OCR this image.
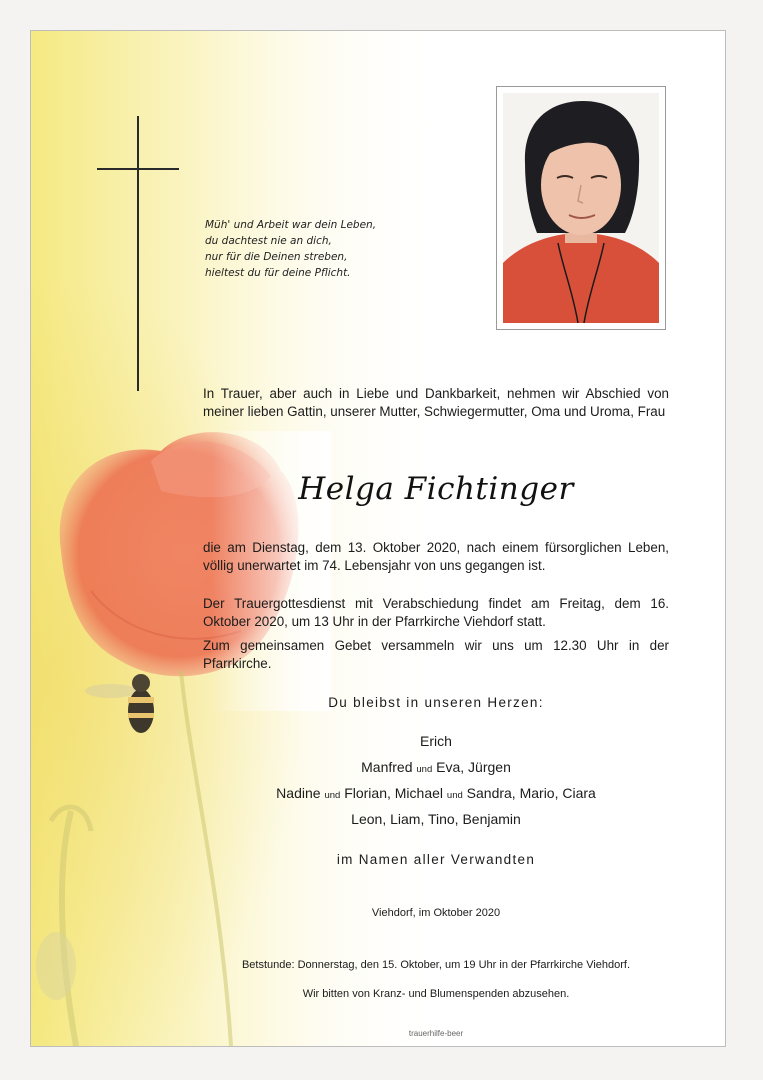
Müh' und Arbeit war dein Leben,
du dachtest nie an dich,
nur für die Deinen streben,
hieltest du für deine Pflicht.
In Trauer, aber auch in Liebe und Dankbarkeit, nehmen wir Abschied von meiner lieben Gattin, unserer Mutter, Schwiegermutter, Oma und Uroma, Frau
Helga Fichtinger
die am Dienstag, dem 13. Oktober 2020, nach einem fürsorglichen Leben, völlig unerwartet im 74. Lebensjahr von uns gegangen ist.
Der Trauergottesdienst mit Verabschiedung findet am Freitag, dem 16. Oktober 2020, um 13 Uhr in der Pfarrkirche Viehdorf statt.
Zum gemeinsamen Gebet versammeln wir uns um 12.30 Uhr in der Pfarrkirche.
Du bleibst in unseren Herzen:
Erich
Manfred und Eva, Jürgen
Nadine und Florian, Michael und Sandra, Mario, Ciara
Leon, Liam, Tino, Benjamin
im Namen aller Verwandten
Viehdorf, im Oktober 2020
Betstunde: Donnerstag, den 15. Oktober, um 19 Uhr in der Pfarrkirche Viehdorf.
Wir bitten von Kranz- und Blumenspenden abzusehen.
trauerhilfe-beer
